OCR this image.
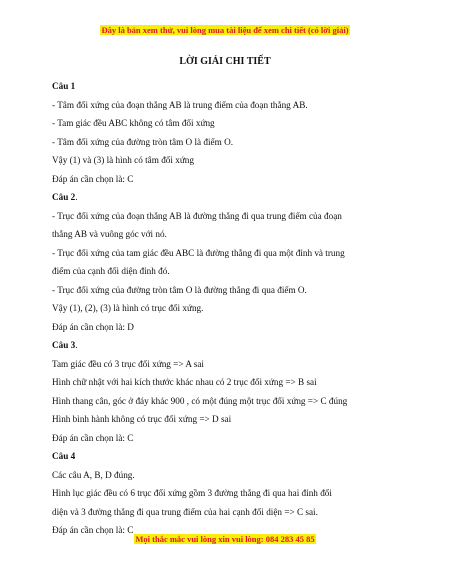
Đây là bản xem thử, vui lòng mua tài liệu để xem chi tiết (có lời giải)
LỜI GIẢI CHI TIẾT

Câu 1

- Tâm đối xứng của đoạn thẳng AB là trung điểm của đoạn thẳng AB.

- Tam giác đều ABC không có tâm đối xứng

- Tâm đối xứng của đường tròn tâm O là điểm O.

Vậy (1) và (3) là hình có tâm đối xứng

Đáp án cần chọn là: C

Câu 2.

- Trục đối xứng của đoạn thẳng AB là đường thẳng đi qua trung điểm của đoạn

thẳng AB và vuông góc với nó.

- Trục đối xứng của tam giác đều ABC là đường thẳng đi qua một đỉnh và trung

điểm của cạnh đối diện đỉnh đó.

- Trục đối xứng của đường tròn tâm O là đường thẳng đi qua điểm O.

Vậy (1), (2), (3) là hình có trục đối xứng.

Đáp án cần chọn là: D

Câu 3.

Tam giác đều có 3 trục đối xứng => A sai

Hình chữ nhật với hai kích thước khác nhau có 2 trục đối xứng => B sai

Hình thang cân, góc ở đáy khác 900 , có một đúng một trục đối xứng => C đúng

Hình bình hành không có trục đối xứng => D sai

Đáp án cần chọn là: C

Câu 4

Các câu A, B, D đúng.

Hình lục giác đều có 6 trục đối xứng gồm 3 đường thẳng đi qua hai đỉnh đối

diện và 3 đường thẳng đi qua trung điểm của hai cạnh đối diện => C sai.

Đáp án cần chọn là: C

Mọi thắc mắc vui lòng xin vui lòng: 084 283 45 85
